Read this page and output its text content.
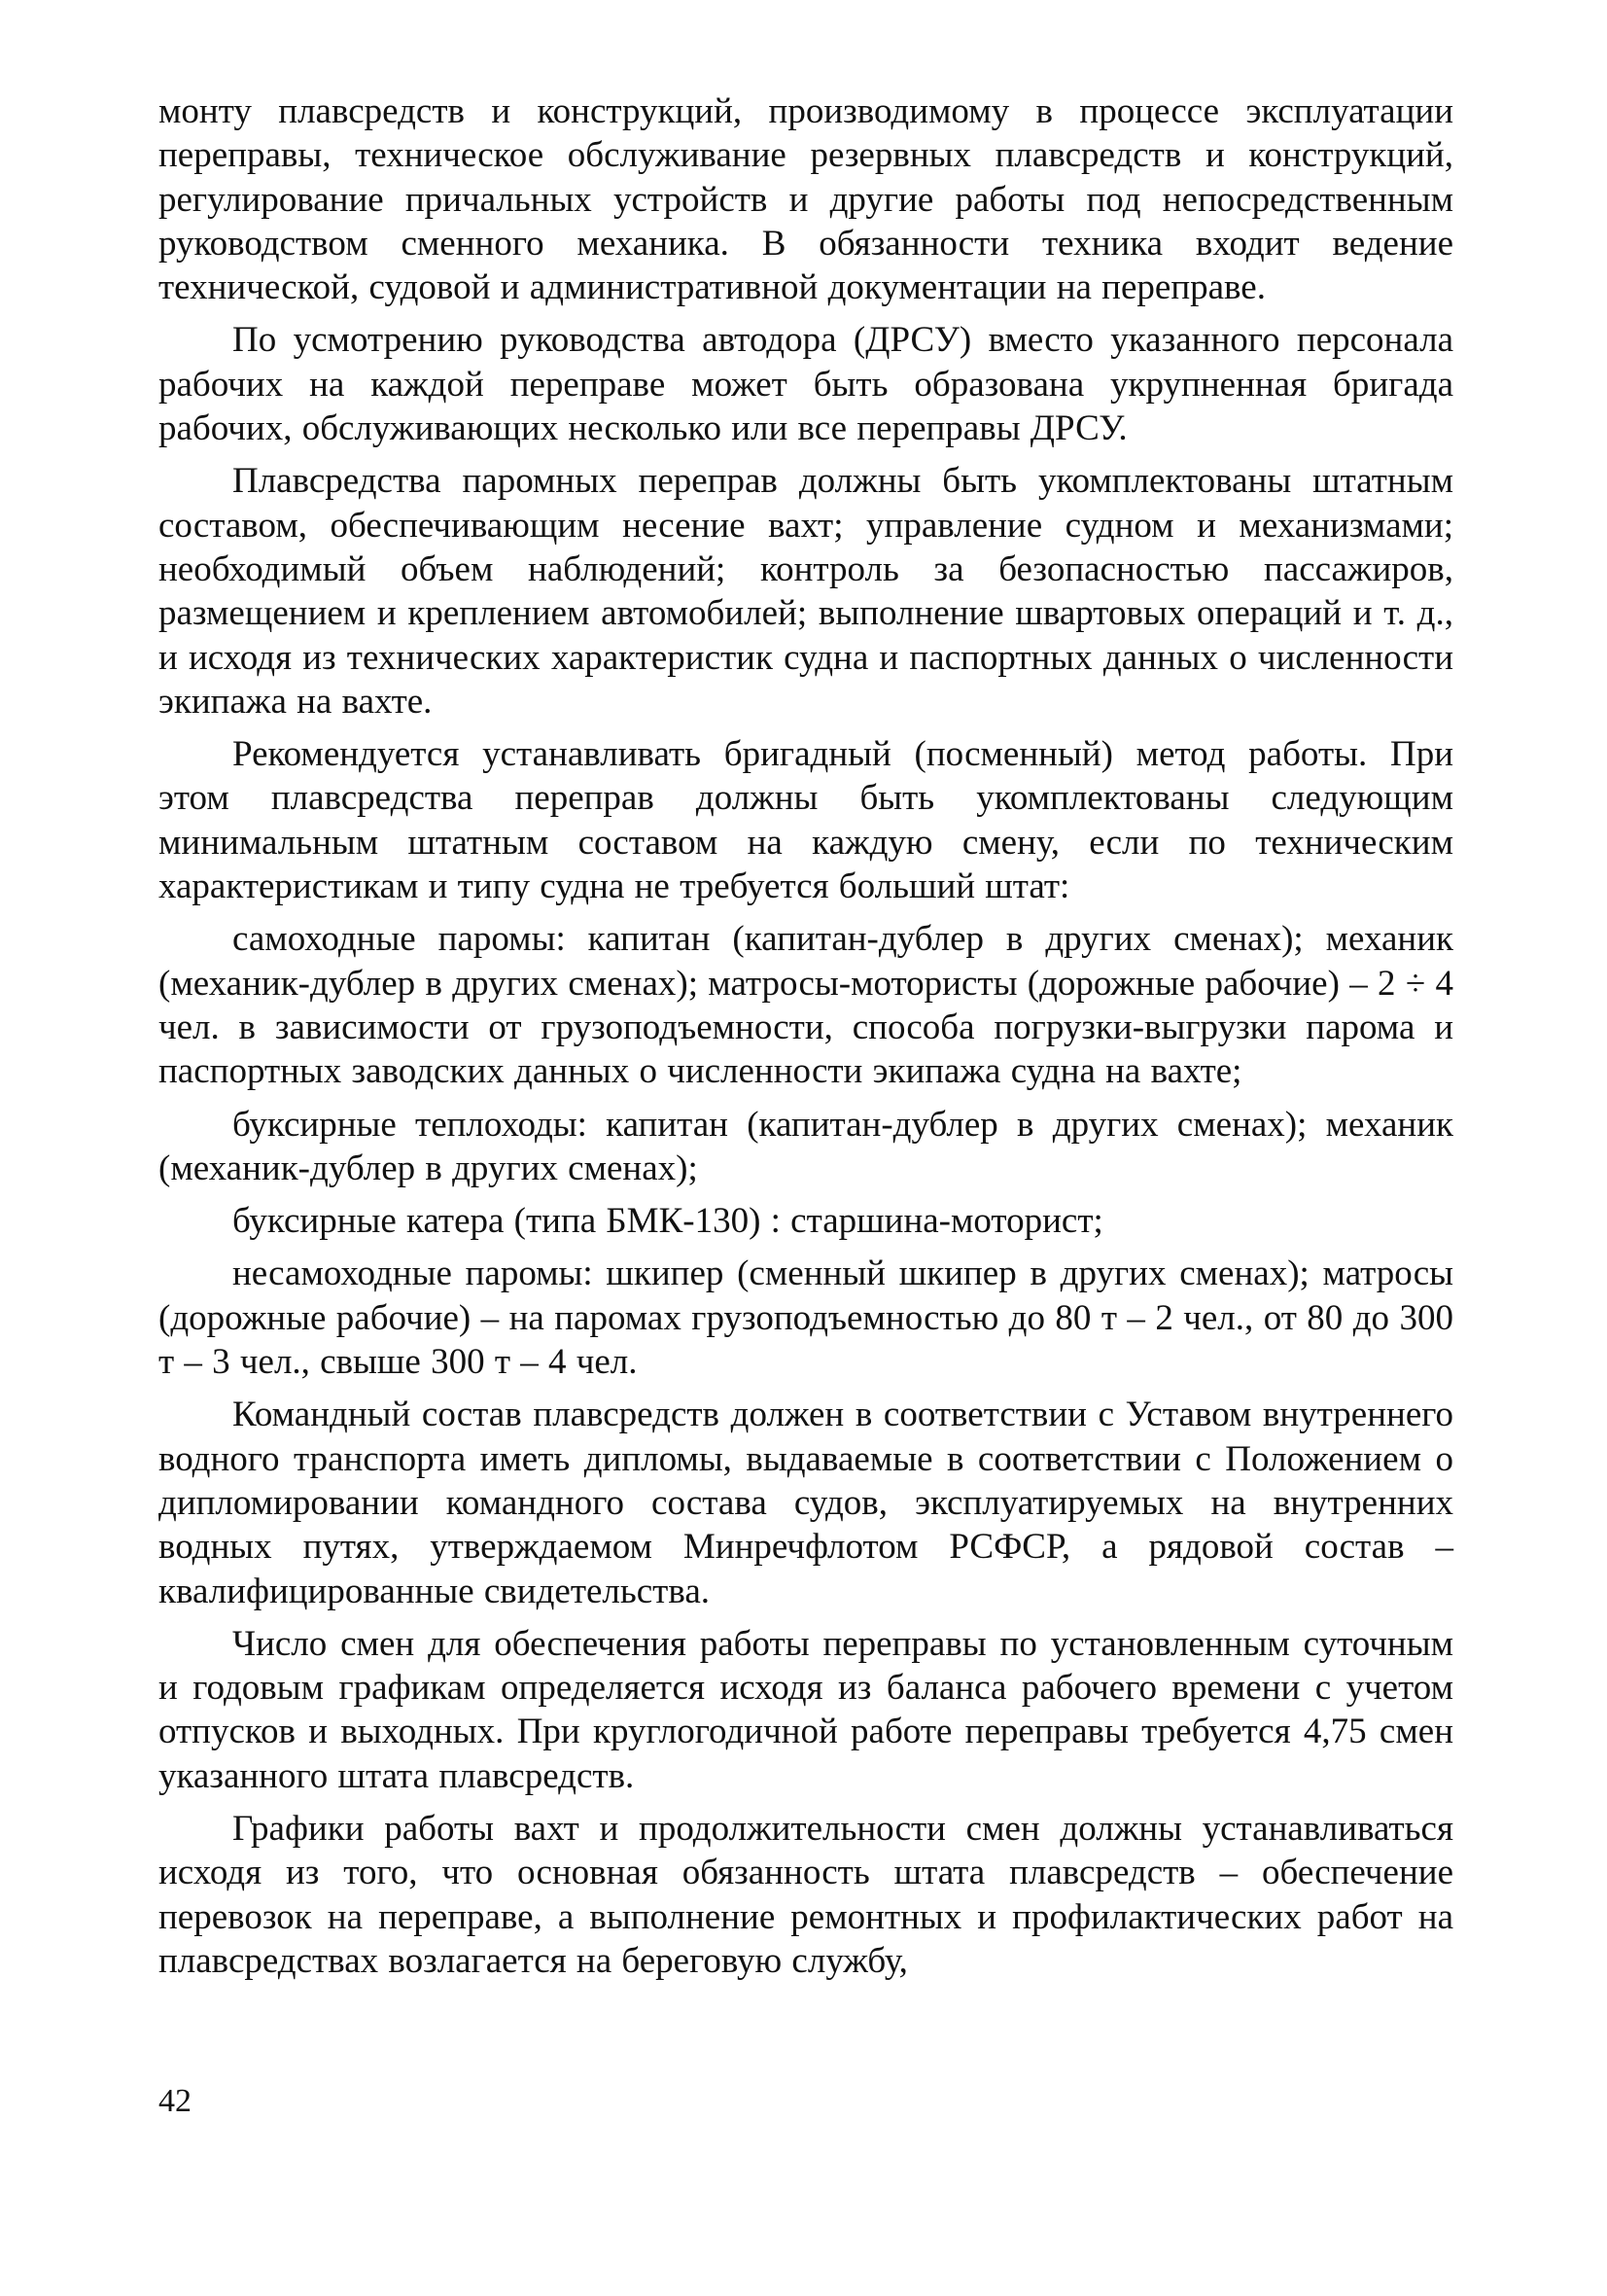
монту плавсредств и конструкций, производимому в процессе эксплуатации переправы, техническое обслуживание резервных плавсредств и конструкций, регулирование причальных устройств и другие работы под непосредственным руководством сменного механика. В обязанности техника входит ведение технической, судовой и административной документации на переправе.

По усмотрению руководства автодора (ДРСУ) вместо указанного персонала рабочих на каждой переправе может быть образована укрупненная бригада рабочих, обслуживающих несколько или все переправы ДРСУ.

Плавсредства паромных переправ должны быть укомплектованы штатным составом, обеспечивающим несение вахт; управление судном и механизмами; необходимый объем наблюдений; контроль за безопасностью пассажиров, размещением и креплением автомобилей; выполнение швартовых операций и т. д., и исходя из технических характеристик судна и паспортных данных о численности экипажа на вахте.

Рекомендуется устанавливать бригадный (посменный) метод работы. При этом плавсредства переправ должны быть укомплектованы следующим минимальным штатным составом на каждую смену, если по техническим характеристикам и типу судна не требуется больший штат:

самоходные паромы: капитан (капитан-дублер в других сменах); механик (механик-дублер в других сменах); матросы-мотористы (дорожные рабочие) – 2 ÷ 4 чел. в зависимости от грузоподъемности, способа погрузки-выгрузки парома и паспортных заводских данных о численности экипажа судна на вахте;

буксирные теплоходы: капитан (капитан-дублер в других сменах); механик (механик-дублер в других сменах);

буксирные катера (типа БМК-130) : старшина-моторист;

несамоходные паромы: шкипер (сменный шкипер в других сменах); матросы (дорожные рабочие) – на паромах грузоподъемностью до 80 т – 2 чел., от 80 до 300 т – 3 чел., свыше 300 т – 4 чел.

Командный состав плавсредств должен в соответствии с Уставом внутреннего водного транспорта иметь дипломы, выдаваемые в соответствии с Положением о дипломировании командного состава судов, эксплуатируемых на внутренних водных путях, утверждаемом Минречфлотом РСФСР, а рядовой состав – квалифицированные свидетельства.

Число смен для обеспечения работы переправы по установленным суточным и годовым графикам определяется исходя из баланса рабочего времени с учетом отпусков и выходных. При круглогодичной работе переправы требуется 4,75 смен указанного штата плавсредств.

Графики работы вахт и продолжительности смен должны устанавливаться исходя из того, что основная обязанность штата плавсредств – обеспечение перевозок на переправе, а выполнение ремонтных и профилактических работ на плавсредствах возлагается на береговую службу,

42
